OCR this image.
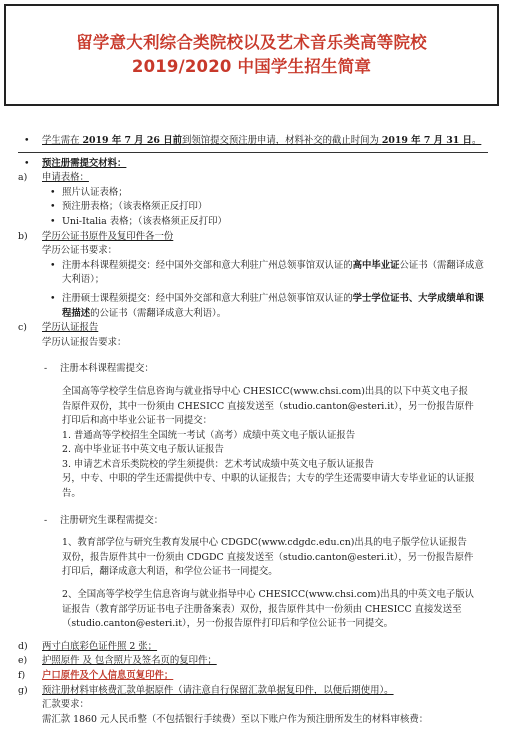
留学意大利综合类院校以及艺术音乐类高等院校
2019/2020 中国学生招生简章
• 学生需在 2019 年 7 月 26 日前到领馆提交预注册申请，材料补交的截止时间为 2019 年 7 月 31 日。
• 预注册需提交材料：
a) 申请表格：
• 照片认证表格；
• 预注册表格；（该表格须正反打印）
• Uni-Italia 表格；（该表格须正反打印）
b) 学历公证书原件及复印件各一份
学历公证书要求：
• 注册本科课程须提交：经中国外交部和意大利驻广州总领事馆双认证的高中毕业证公证书（需翻译成意大利语）；
• 注册硕士课程须提交：经中国外交部和意大利驻广州总领事馆双认证的学士学位证书、大学成绩单和课程描述的公证书（需翻译成意大利语）。
c) 学历认证报告
学历认证报告要求：
- 注册本科课程需提交：
全国高等学校学生信息咨询与就业指导中心 CHESICC(www.chsi.com)出具的以下中英文电子报告原件双份，其中一份须由 CHESICC 直接发送至（studio.canton@esteri.it），另一份报告原件打印后和高中毕业公证书一同提交：
1. 普通高等学校招生全国统一考试（高考）成绩中英文电子版认证报告
2. 高中毕业证书中英文电子版认证报告
3. 申请艺术音乐类院校的学生须提供：艺术考试成绩中英文电子版认证报告
另，中专、中职的学生还需提供中专、中职的认证报告；大专的学生还需要申请大专毕业证的认证报告。
- 注册研究生课程需提交：
1、教育部学位与研究生教育发展中心 CDGDC(www.cdgdc.edu.cn)出具的电子版学位认证报告双份，报告原件其中一份须由 CDGDC 直接发送至（studio.canton@esteri.it），另一份报告原件打印后，翻译成意大利语，和学位公证书一同提交。
2、全国高等学校学生信息咨询与就业指导中心 CHESICC(www.chsi.com)出具的中英文电子版认证报告（教育部学历证书电子注册备案表）双份，报告原件其中一份须由 CHESICC 直接发送至（studio.canton@esteri.it），另一份报告原件打印后和学位公证书一同提交。
d) 两寸白底彩色证件照 2 张；
e) 护照原件 及 包含照片及签名页的复印件；
f) 户口原件及个人信息页复印件；
g) 预注册材料审核费汇款单据原件（请注意自行保留汇款单据复印件，以便后期使用）。
汇款要求：
需汇款 1860 元人民币整（不包括银行手续费）至以下账户作为预注册所发生的材料审核费：
